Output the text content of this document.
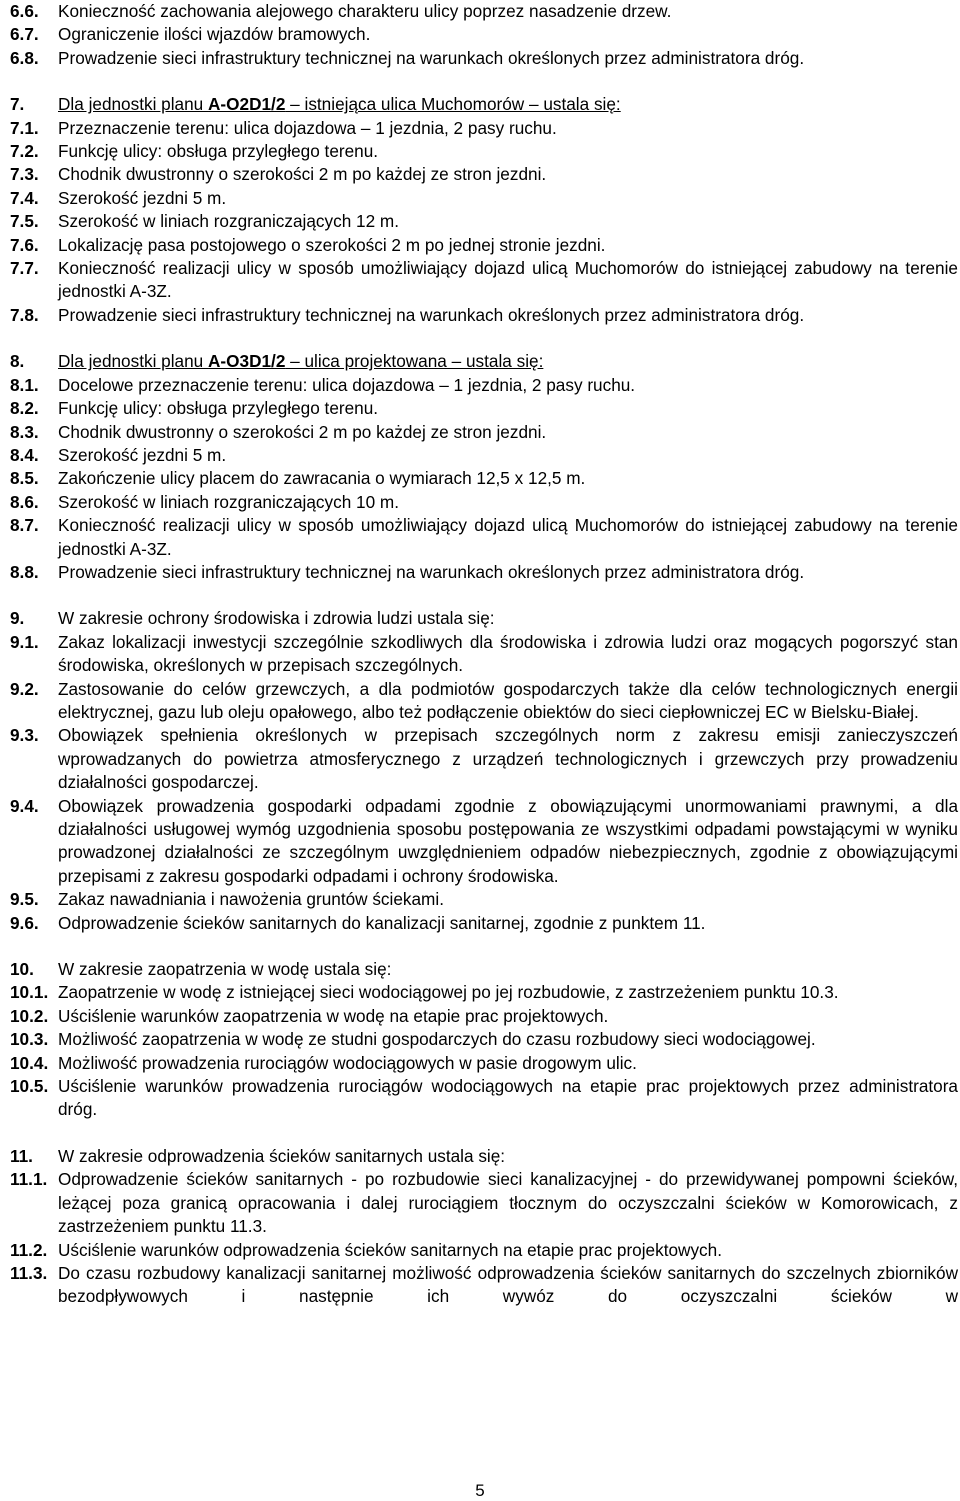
6.6.	Konieczność zachowania alejowego charakteru ulicy poprzez nasadzenie drzew.
6.7.	Ograniczenie ilości wjazdów bramowych.
6.8.	Prowadzenie sieci infrastruktury technicznej na warunkach określonych przez administratora dróg.
7.	Dla jednostki planu A-O2D1/2 – istniejąca ulica Muchomorów – ustala się:
7.1.	Przeznaczenie terenu: ulica dojazdowa – 1 jezdnia, 2 pasy ruchu.
7.2.	Funkcję ulicy: obsługa przyległego terenu.
7.3.	Chodnik dwustronny o szerokości 2 m po każdej ze stron jezdni.
7.4.	Szerokość jezdni 5 m.
7.5.	Szerokość w liniach rozgraniczających 12 m.
7.6.	Lokalizację pasa postojowego o szerokości 2 m po jednej stronie jezdni.
7.7.	Konieczność realizacji ulicy w sposób umożliwiający dojazd ulicą Muchomorów do istniejącej zabudowy na terenie jednostki A-3Z.
7.8.	Prowadzenie sieci infrastruktury technicznej na warunkach określonych przez administratora dróg.
8.	Dla jednostki planu A-O3D1/2 – ulica projektowana – ustala się:
8.1.	Docelowe przeznaczenie terenu: ulica dojazdowa – 1 jezdnia, 2 pasy ruchu.
8.2.	Funkcję ulicy: obsługa przyległego terenu.
8.3.	Chodnik dwustronny o szerokości 2 m po każdej ze stron jezdni.
8.4.	Szerokość jezdni 5 m.
8.5.	Zakończenie ulicy placem do zawracania o wymiarach 12,5 x 12,5 m.
8.6.	Szerokość w liniach rozgraniczających 10 m.
8.7.	Konieczność realizacji ulicy w sposób umożliwiający dojazd ulicą Muchomorów do istniejącej zabudowy na terenie jednostki A-3Z.
8.8.	Prowadzenie sieci infrastruktury technicznej na warunkach określonych przez administratora dróg.
9.	W zakresie ochrony środowiska i zdrowia ludzi ustala się:
9.1.	Zakaz lokalizacji inwestycji szczególnie szkodliwych dla środowiska i zdrowia ludzi oraz mogących pogorszyć stan środowiska, określonych w przepisach szczególnych.
9.2.	Zastosowanie do celów grzewczych, a dla podmiotów gospodarczych także dla celów technologicznych energii elektrycznej, gazu lub oleju opałowego, albo też podłączenie obiektów do sieci ciepłowniczej EC w Bielsku-Białej.
9.3.	Obowiązek spełnienia określonych w przepisach szczególnych norm z zakresu emisji zanieczyszczeń wprowadzanych do powietrza atmosferycznego z urządzeń technologicznych i grzewczych przy prowadzeniu działalności gospodarczej.
9.4.	Obowiązek prowadzenia gospodarki odpadami zgodnie z obowiązującymi unormowaniami prawnymi, a dla działalności usługowej wymóg uzgodnienia sposobu postępowania ze wszystkimi odpadami powstającymi w wyniku prowadzonej działalności ze szczególnym uwzględnieniem odpadów niebezpiecznych, zgodnie z obowiązującymi przepisami z zakresu gospodarki odpadami i ochrony środowiska.
9.5.	Zakaz nawadniania i nawożenia gruntów ściekami.
9.6.	Odprowadzenie ścieków sanitarnych do kanalizacji sanitarnej, zgodnie z punktem 11.
10.	W zakresie zaopatrzenia w wodę ustala się:
10.1. Zaopatrzenie w wodę z istniejącej sieci wodociągowej po jej rozbudowie, z zastrzeżeniem punktu 10.3.
10.2. Uściślenie warunków zaopatrzenia w wodę na etapie prac projektowych.
10.3. Możliwość zaopatrzenia w wodę ze studni gospodarczych do czasu rozbudowy sieci wodociągowej.
10.4. Możliwość prowadzenia rurociągów wodociągowych w pasie drogowym ulic.
10.5. Uściślenie warunków prowadzenia rurociągów wodociągowych na etapie prac projektowych przez administratora dróg.
11.	W zakresie odprowadzenia ścieków sanitarnych ustala się:
11.1. Odprowadzenie ścieków sanitarnych - po rozbudowie sieci kanalizacyjnej - do przewidywanej pompowni ścieków, leżącej poza granicą opracowania i dalej rurociągiem tłocznym do oczyszczalni ścieków w Komorowicach, z zastrzeżeniem punktu 11.3.
11.2. Uściślenie warunków odprowadzenia ścieków sanitarnych na etapie prac projektowych.
11.3. Do czasu rozbudowy kanalizacji sanitarnej możliwość odprowadzenia ścieków sanitarnych do szczelnych zbiorników bezodpływowych i następnie ich wywóz do oczyszczalni ścieków w
5
